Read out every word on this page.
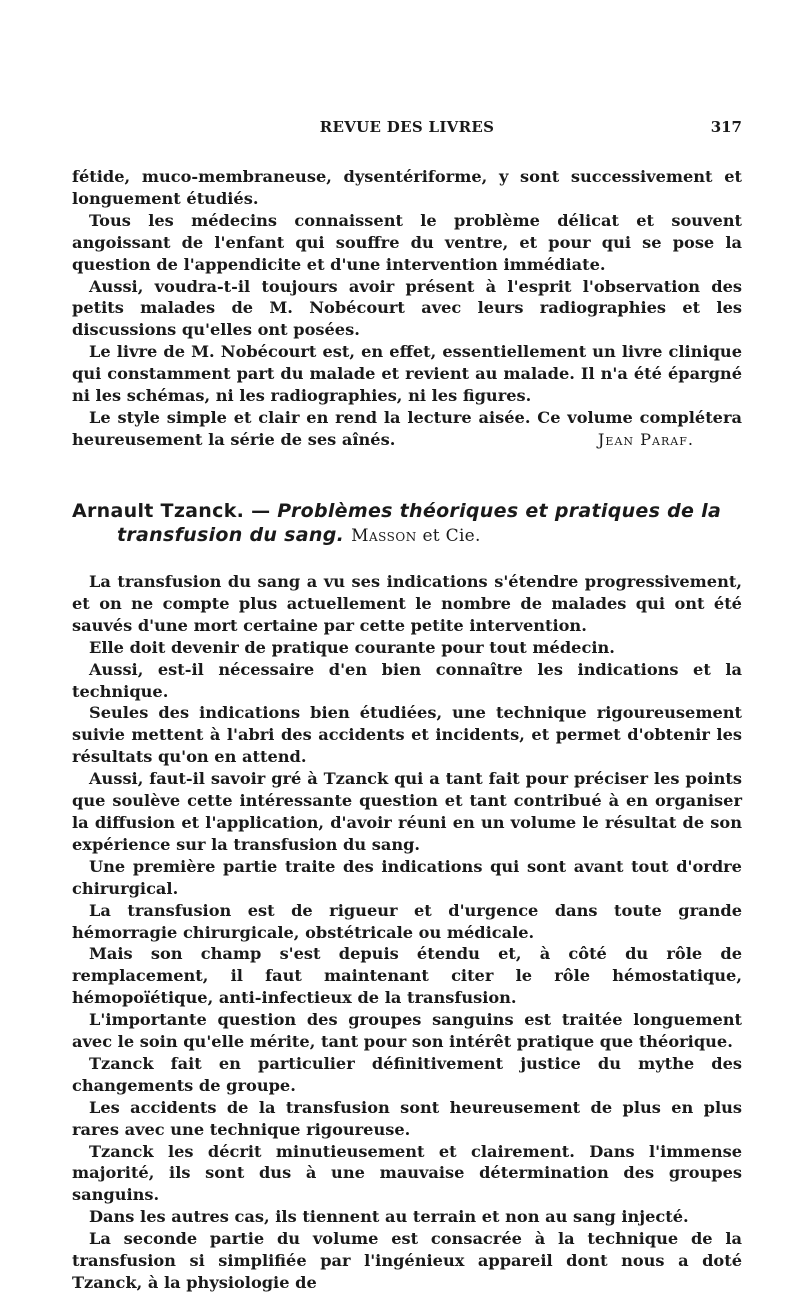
REVUE DES LIVRES	317

fétide, muco-membraneuse, dysentériforme, y sont successivement et longuement étudiés.

Tous les médecins connaissent le problème délicat et souvent angoissant de l'enfant qui souffre du ventre, et pour qui se pose la question de l'appendicite et d'une intervention immédiate.

Aussi, voudra-t-il toujours avoir présent à l'esprit l'observation des petits malades de M. Nobécourt avec leurs radiographies et les discussions qu'elles ont posées.

Le livre de M. Nobécourt est, en effet, essentiellement un livre clinique qui constamment part du malade et revient au malade. Il n'a été épargné ni les schémas, ni les radiographies, ni les figures.

Le style simple et clair en rend la lecture aisée. Ce volume complétera heureusement la série de ses aînés.	Jean Paraf.

Arnault Tzanck. — Problèmes théoriques et pratiques de la transfusion du sang. Masson et Cie.

La transfusion du sang a vu ses indications s'étendre progressivement, et on ne compte plus actuellement le nombre de malades qui ont été sauvés d'une mort certaine par cette petite intervention.

Elle doit devenir de pratique courante pour tout médecin.

Aussi, est-il nécessaire d'en bien connaître les indications et la technique.

Seules des indications bien étudiées, une technique rigoureusement suivie mettent à l'abri des accidents et incidents, et permet d'obtenir les résultats qu'on en attend.

Aussi, faut-il savoir gré à Tzanck qui a tant fait pour préciser les points que soulève cette intéressante question et tant contribué à en organiser la diffusion et l'application, d'avoir réuni en un volume le résultat de son expérience sur la transfusion du sang.

Une première partie traite des indications qui sont avant tout d'ordre chirurgical.

La transfusion est de rigueur et d'urgence dans toute grande hémorragie chirurgicale, obstétricale ou médicale.

Mais son champ s'est depuis étendu et, à côté du rôle de remplacement, il faut maintenant citer le rôle hémostatique, hémopoïétique, anti-infectieux de la transfusion.

L'importante question des groupes sanguins est traitée longuement avec le soin qu'elle mérite, tant pour son intérêt pratique que théorique.

Tzanck fait en particulier définitivement justice du mythe des changements de groupe.

Les accidents de la transfusion sont heureusement de plus en plus rares avec une technique rigoureuse.

Tzanck les décrit minutieusement et clairement. Dans l'immense majorité, ils sont dus à une mauvaise détermination des groupes sanguins.

Dans les autres cas, ils tiennent au terrain et non au sang injecté.

La seconde partie du volume est consacrée à la technique de la transfusion si simplifiée par l'ingénieux appareil dont nous a doté Tzanck, à la physiologie de
